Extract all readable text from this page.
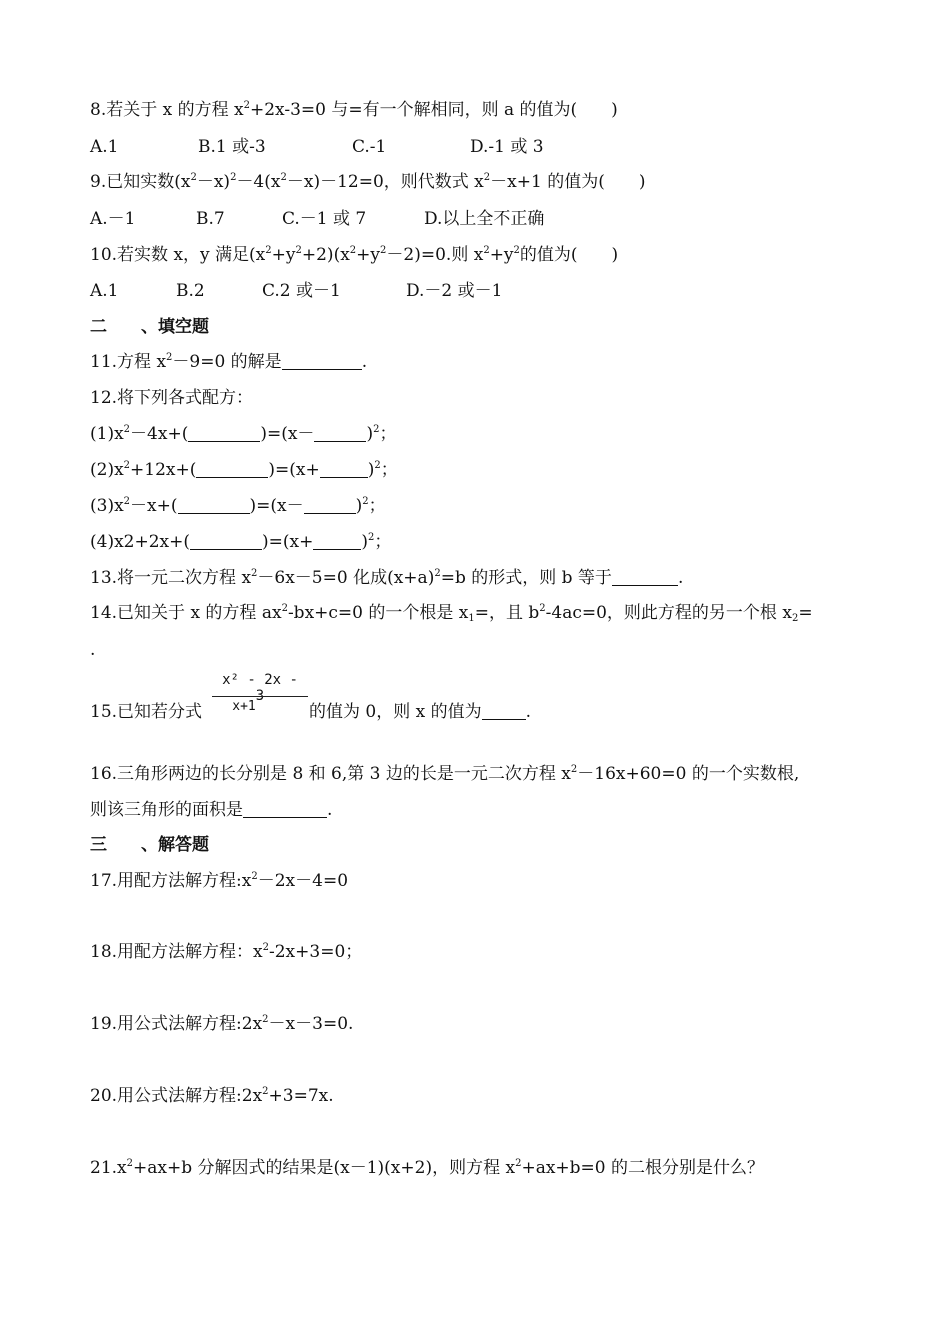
8.若关于 x 的方程 $x^2+2x-3=0$ 与=有一个解相同，则 a 的值为(　　)
A.1	B.1 或-3	C.-1	D.-1 或 3
9.已知实数$(x^2-x)^2-4(x^2-x)-12=0$，则代数式 $x^2-x+1$ 的值为(　　)
A.－1	B.7	C.－1 或 7	D.以上全不正确
10.若实数 x，y 满足$(x^2+y^2+2)(x^2+y^2-2)=0$.则 $x^2+y^2$的值为(　　)
A.1	B.2	C.2 或－1	D.－2 或－1
二　　、填空题
11.方程 $x^2-9=0$ 的解是	.
12.将下列各式配方：
$(1)x^2-4x+$(	)=(x－	)$^2$；
$(2)x^2+12x+$(	)=(x+	)$^2$；
$(3)x^2-x+$(	)=(x－	)$^2$；
(4)x2+2x+(	)=(x+	)$^2$；
13.将一元二次方程 $x^2-6x-5=0$ 化成$(x+a)^2=b$ 的形式，则 b 等于	.
14.已知关于 x 的方程 $ax^2-bx+c=0$ 的一个根是 $x_1=$，且 $b^2-4ac=0$，则此方程的另一个根 $x_2=$
.
15.已知若分式
x² - 2x - 3
x+1	的值为 0，则 x 的值为	.
16.三角形两边的长分别是 8 和 6,第 3 边的长是一元二次方程 $x^2-16x+60=0$ 的一个实数根,
则该三角形的面积是	.
三　　、解答题
17.用配方法解方程$:x^2-2x-4=0$
18.用配方法解方程：$x^2-2x+3=0$；
19.用公式法解方程$:2x^2-x-3=0$.
20.用公式法解方程$:2x^2+3=7x$.
$21.x^2+ax+b$ 分解因式的结果是(x－1)(x+2)，则方程 $x^2+ax+b=0$ 的二根分别是什么？
